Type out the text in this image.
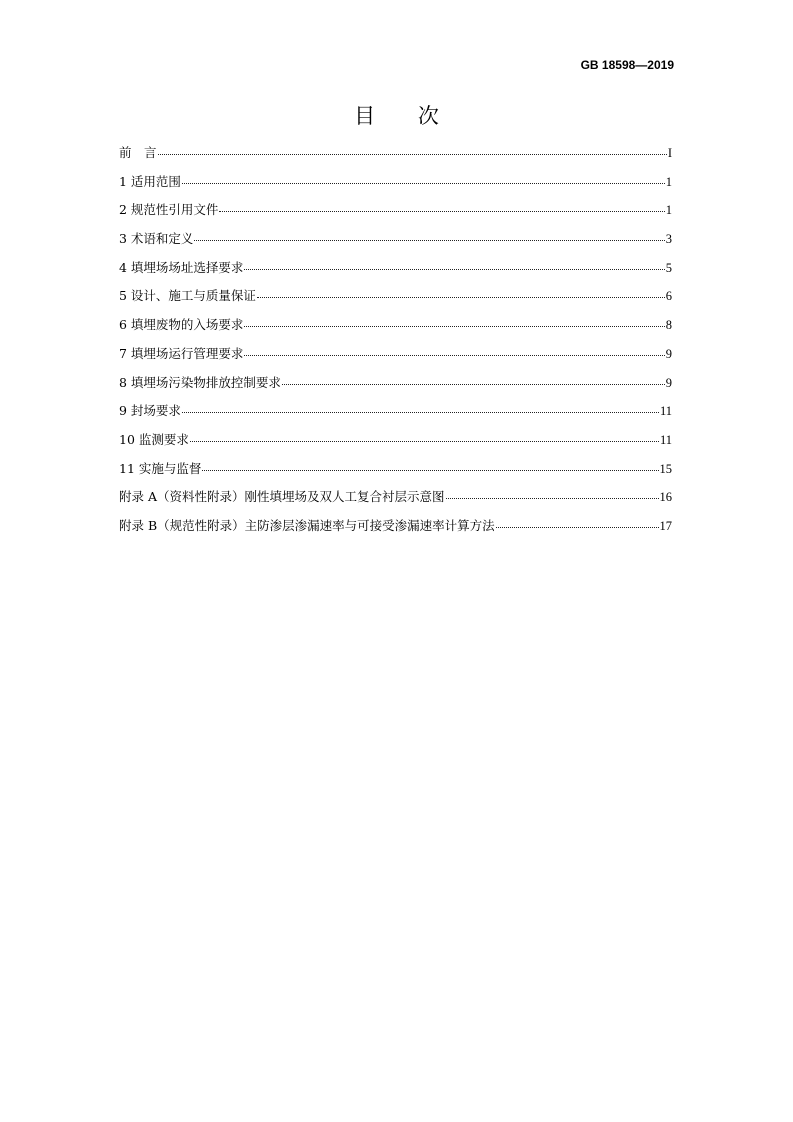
GB 18598—2019
目 次
前　言	I
1 适用范围	1
2 规范性引用文件	1
3 术语和定义	3
4 填埋场场址选择要求	5
5 设计、施工与质量保证	6
6 填埋废物的入场要求	8
7 填埋场运行管理要求	9
8 填埋场污染物排放控制要求	9
9 封场要求	11
10 监测要求	11
11 实施与监督	15
附录 A（资料性附录）刚性填埋场及双人工复合衬层示意图	16
附录 B（规范性附录）主防渗层渗漏速率与可接受渗漏速率计算方法	17
